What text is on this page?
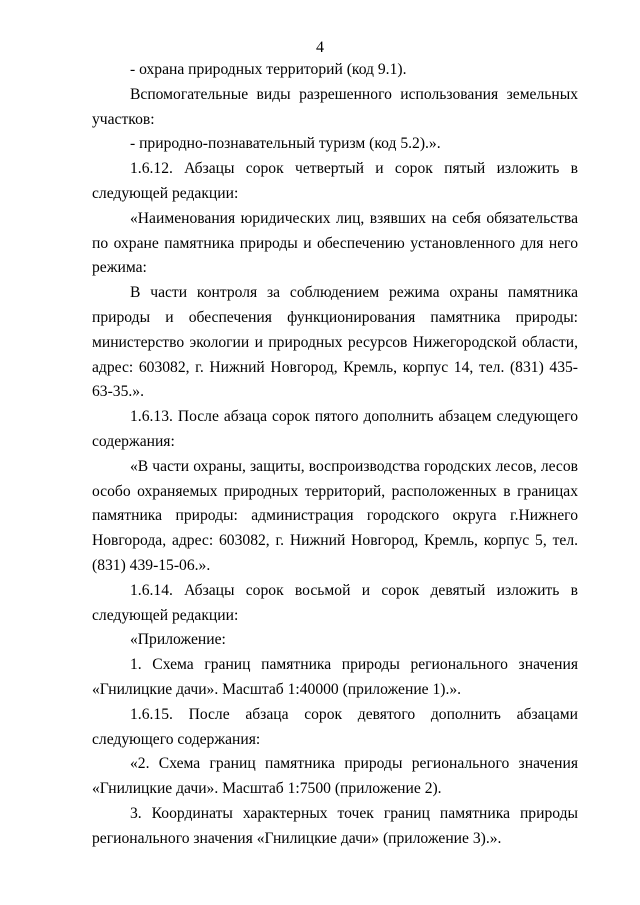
4

- охрана природных территорий (код 9.1).

Вспомогательные виды разрешенного использования земельных участков:

- природно-познавательный туризм (код 5.2).».

1.6.12. Абзацы сорок четвертый и сорок пятый изложить в следующей редакции:

«Наименования юридических лиц, взявших на себя обязательства по охране памятника природы и обеспечению установленного для него режима:

В части контроля за соблюдением режима охраны памятника природы и обеспечения функционирования памятника природы: министерство экологии и природных ресурсов Нижегородской области, адрес: 603082, г. Нижний Новгород, Кремль, корпус 14, тел. (831) 435-63-35.».

1.6.13. После абзаца сорок пятого дополнить абзацем следующего содержания:

«В части охраны, защиты, воспроизводства городских лесов, лесов особо охраняемых природных территорий, расположенных в границах памятника природы: администрация городского округа г.Нижнего Новгорода, адрес: 603082, г. Нижний Новгород, Кремль, корпус 5, тел. (831) 439-15-06.».

1.6.14. Абзацы сорок восьмой и сорок девятый изложить в следующей редакции:

«Приложение:

1. Схема границ памятника природы регионального значения «Гнилицкие дачи». Масштаб 1:40000 (приложение 1).».

1.6.15. После абзаца сорок девятого дополнить абзацами следующего содержания:

«2. Схема границ памятника природы регионального значения «Гнилицкие дачи». Масштаб 1:7500 (приложение 2).

3. Координаты характерных точек границ памятника природы регионального значения «Гнилицкие дачи» (приложение 3).».
